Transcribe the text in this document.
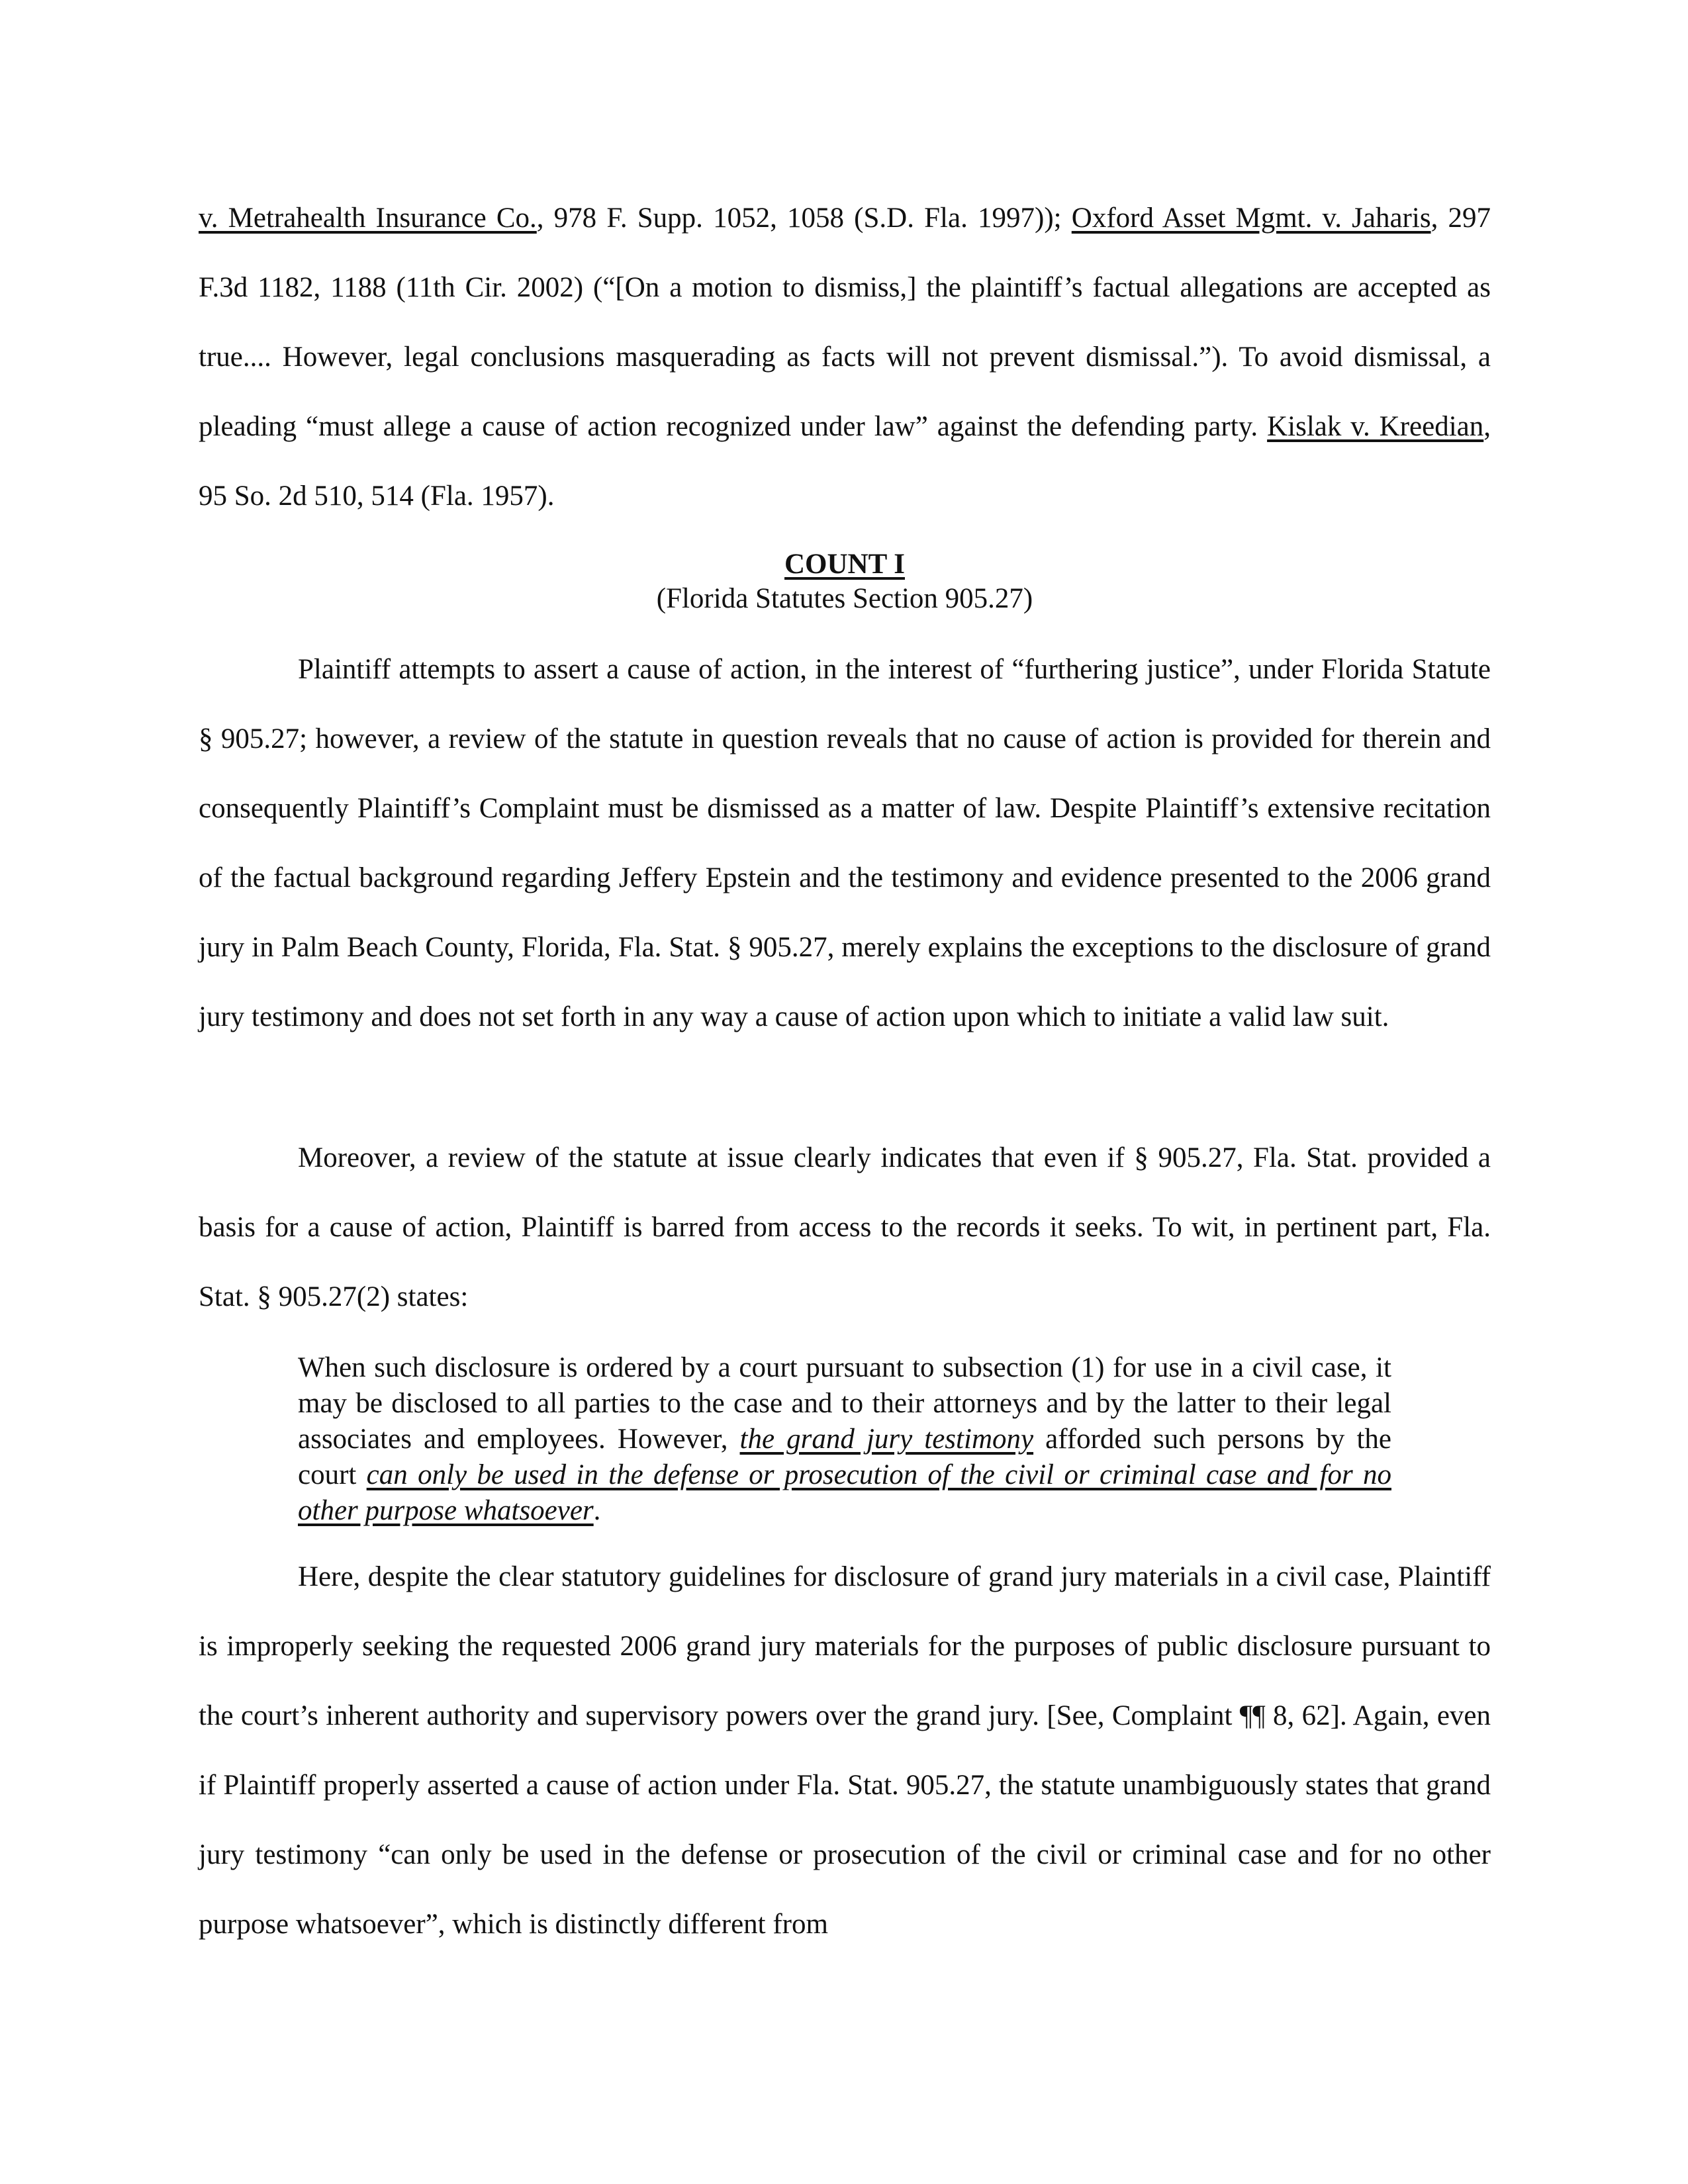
v. Metrahealth Insurance Co., 978 F. Supp. 1052, 1058 (S.D. Fla. 1997)); Oxford Asset Mgmt. v. Jaharis, 297 F.3d 1182, 1188 (11th Cir. 2002) (“[On a motion to dismiss,] the plaintiff’s factual allegations are accepted as true.... However, legal conclusions masquerading as facts will not prevent dismissal.”). To avoid dismissal, a pleading “must allege a cause of action recognized under law” against the defending party. Kislak v. Kreedian, 95 So. 2d 510, 514 (Fla. 1957).

COUNT I

(Florida Statutes Section 905.27)

Plaintiff attempts to assert a cause of action, in the interest of “furthering justice”, under Florida Statute § 905.27; however, a review of the statute in question reveals that no cause of action is provided for therein and consequently Plaintiff’s Complaint must be dismissed as a matter of law. Despite Plaintiff’s extensive recitation of the factual background regarding Jeffery Epstein and the testimony and evidence presented to the 2006 grand jury in Palm Beach County, Florida, Fla. Stat. § 905.27, merely explains the exceptions to the disclosure of grand jury testimony and does not set forth in any way a cause of action upon which to initiate a valid law suit.

Moreover, a review of the statute at issue clearly indicates that even if § 905.27, Fla. Stat. provided a basis for a cause of action, Plaintiff is barred from access to the records it seeks. To wit, in pertinent part, Fla. Stat. § 905.27(2) states:

When such disclosure is ordered by a court pursuant to subsection (1) for use in a civil case, it may be disclosed to all parties to the case and to their attorneys and by the latter to their legal associates and employees. However, the grand jury testimony afforded such persons by the court can only be used in the defense or prosecution of the civil or criminal case and for no other purpose whatsoever.

Here, despite the clear statutory guidelines for disclosure of grand jury materials in a civil case, Plaintiff is improperly seeking the requested 2006 grand jury materials for the purposes of public disclosure pursuant to the court’s inherent authority and supervisory powers over the grand jury. [See, Complaint ¶¶ 8, 62]. Again, even if Plaintiff properly asserted a cause of action under Fla. Stat. 905.27, the statute unambiguously states that grand jury testimony “can only be used in the defense or prosecution of the civil or criminal case and for no other purpose whatsoever”, which is distinctly different from
